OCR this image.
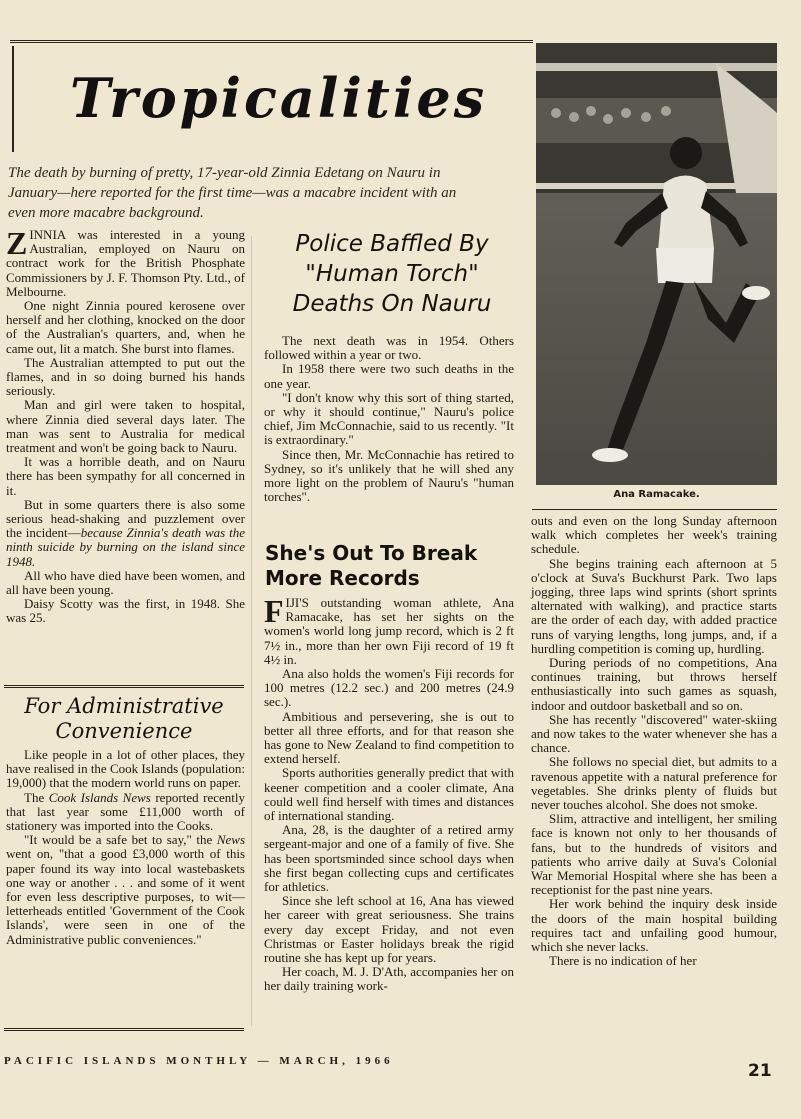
Tropicalities
The death by burning of pretty, 17-year-old Zinnia Edetang on Nauru in January—here reported for the first time—was a macabre incident with an even more macabre background.

ZINNIA was interested in a young Australian, employed on Nauru on contract work for the British Phosphate Commissioners by J. F. Thomson Pty. Ltd., of Melbourne.

One night Zinnia poured kerosene over herself and her clothing, knocked on the door of the Australian's quarters, and, when he came out, lit a match. She burst into flames.

The Australian attempted to put out the flames, and in so doing burned his hands seriously.

Man and girl were taken to hospital, where Zinnia died several days later. The man was sent to Australia for medical treatment and won't be going back to Nauru.

It was a horrible death, and on Nauru there has been sympathy for all concerned in it.

But in some quarters there is also some serious head-shaking and puzzlement over the incident—because Zinnia's death was the ninth suicide by burning on the island since 1948.

All who have died have been women, and all have been young.

Daisy Scotty was the first, in 1948. She was 25.

For Administrative Convenience

Like people in a lot of other places, they have realised in the Cook Islands (population: 19,000) that the modern world runs on paper.

The Cook Islands News reported recently that last year some £11,000 worth of stationery was imported into the Cooks.

"It would be a safe bet to say," the News went on, "that a good £3,000 worth of this paper found its way into local wastebaskets one way or another . . . and some of it went for even less descriptive purposes, to wit—letterheads entitled 'Government of the Cook Islands', were seen in one of the Administrative public conveniences."

Police Baffled By "Human Torch" Deaths On Nauru

The next death was in 1954. Others followed within a year or two.

In 1958 there were two such deaths in the one year.

"I don't know why this sort of thing started, or why it should continue," Nauru's police chief, Jim McConnachie, said to us recently. "It is extraordinary."

Since then, Mr. McConnachie has retired to Sydney, so it's unlikely that he will shed any more light on the problem of Nauru's "human torches".

She's Out To Break More Records

FIJI'S outstanding woman athlete, Ana Ramacake, has set her sights on the women's world long jump record, which is 2 ft 7½ in., more than her own Fiji record of 19 ft 4½ in.

Ana also holds the women's Fiji records for 100 metres (12.2 sec.) and 200 metres (24.9 sec.).

Ambitious and persevering, she is out to better all three efforts, and for that reason she has gone to New Zealand to find competition to extend herself.

Sports authorities generally predict that with keener competition and a cooler climate, Ana could well find herself with times and distances of international standing.

Ana, 28, is the daughter of a retired army sergeant-major and one of a family of five. She has been sportsminded since school days when she first began collecting cups and certificates for athletics.

Since she left school at 16, Ana has viewed her career with great seriousness. She trains every day except Friday, and not even Christmas or Easter holidays break the rigid routine she has kept up for years.

Her coach, M. J. D'Ath, accompanies her on her daily training work-

Ana Ramacake.

outs and even on the long Sunday afternoon walk which completes her week's training schedule.

She begins training each afternoon at 5 o'clock at Suva's Buckhurst Park. Two laps jogging, three laps wind sprints (short sprints alternated with walking), and practice starts are the order of each day, with added practice runs of varying lengths, long jumps, and, if a hurdling competition is coming up, hurdling.

During periods of no competitions, Ana continues training, but throws herself enthusiastically into such games as squash, indoor and outdoor basketball and so on.

She has recently "discovered" water-skiing and now takes to the water whenever she has a chance.

She follows no special diet, but admits to a ravenous appetite with a natural preference for vegetables. She drinks plenty of fluids but never touches alcohol. She does not smoke.

Slim, attractive and intelligent, her smiling face is known not only to her thousands of fans, but to the hundreds of visitors and patients who arrive daily at Suva's Colonial War Memorial Hospital where she has been a receptionist for the past nine years.

Her work behind the inquiry desk inside the doors of the main hospital building requires tact and unfailing good humour, which she never lacks.

There is no indication of her

PACIFIC ISLANDS MONTHLY — MARCH, 1966	21
